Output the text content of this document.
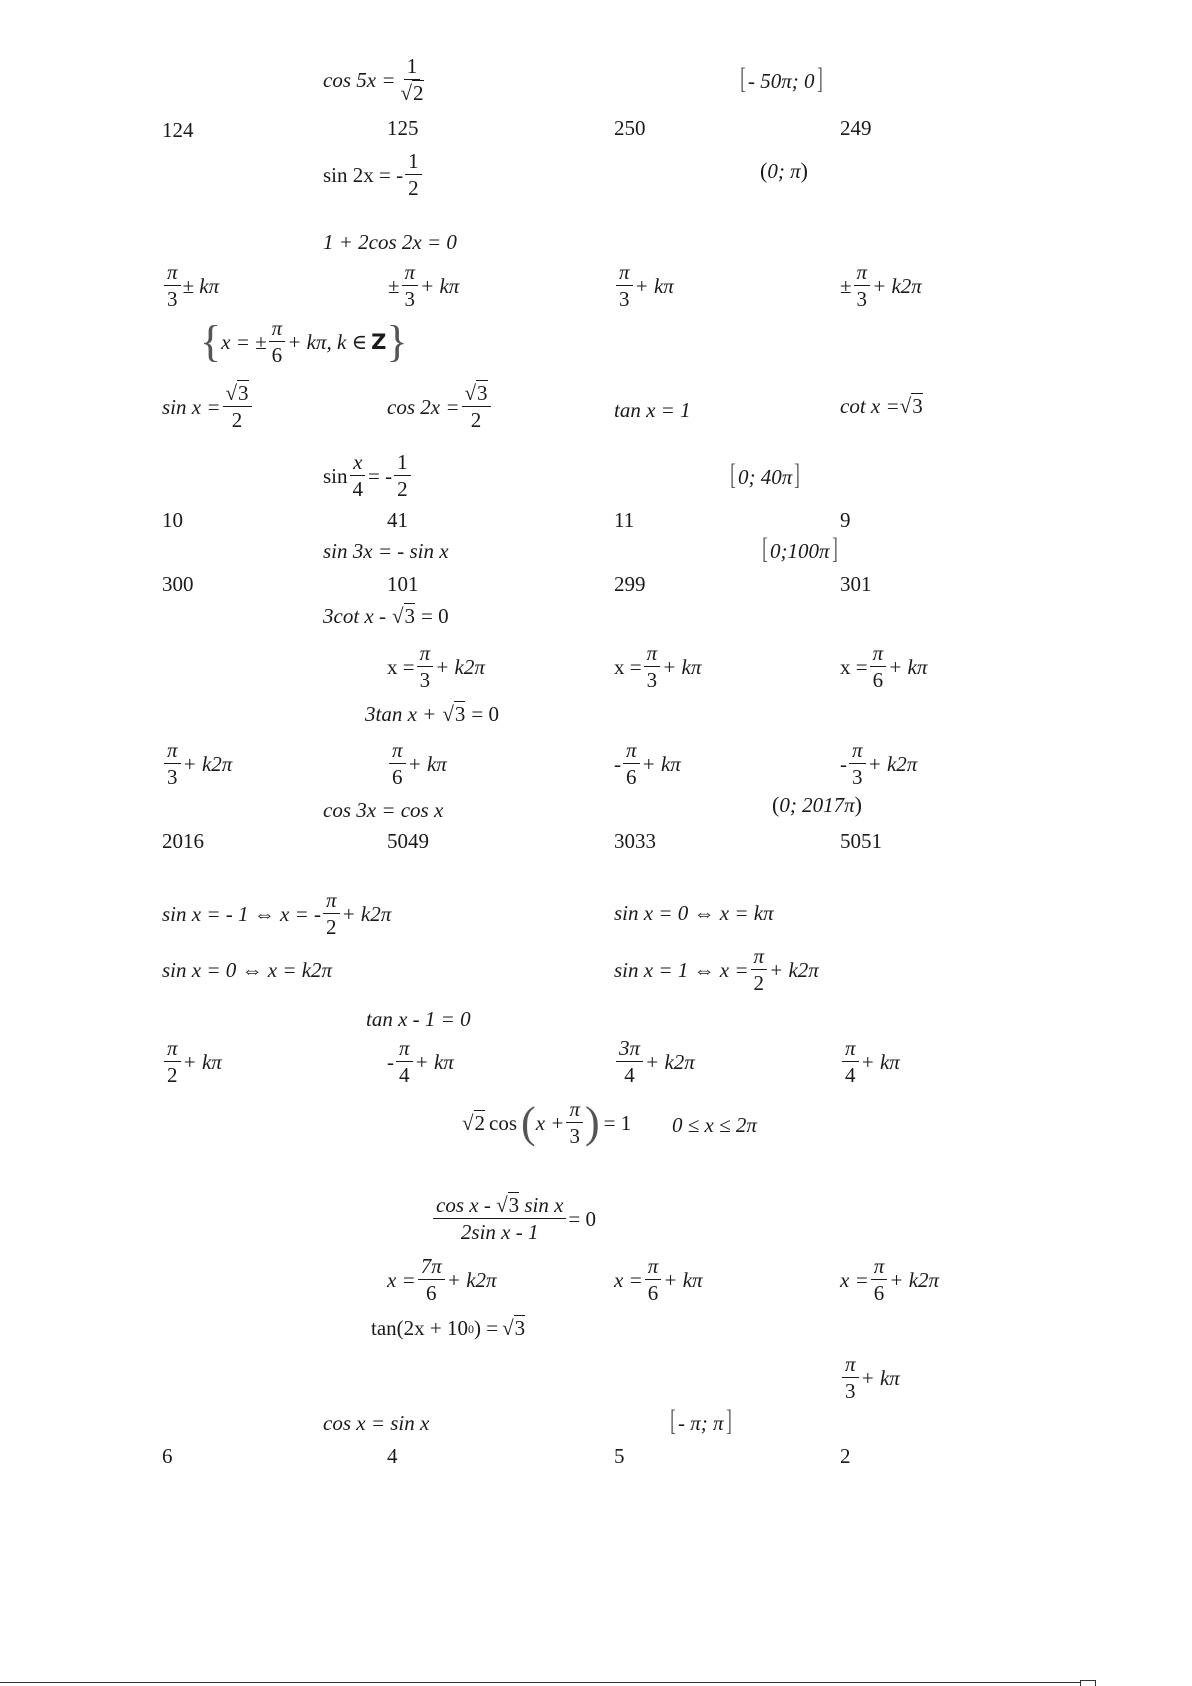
$\cos 5x = \frac{1}{√2}$	[ - 50π; 0]
124	125	250	249
sin 2x = - $\frac{1}{2}$	(0; π)
1 + 2cos 2x = 0
$\frac{\pi}{3} \pm k\pi$	± $\frac{\pi}{3} + k\pi$	$\frac{\pi}{3} + k\pi$	± $\frac{\pi}{3} + k2\pi$
{ x = ± $\frac{\pi}{6} + k\pi$, k ∈ Z }
$\sin x = \frac{√3}{2}$	$\cos 2x = \frac{√3}{2}$	tan x = 1	cot x = √3
$\sin \frac{x}{4}$ = - $\frac{1}{2}$	[ 0; 40π]
10	41	11	9
sin 3x = - sin x	[ 0;100π]
300	101	299	301
3cot x - √3 = 0
$x = \frac{\pi}{3} + k2\pi$	$x = \frac{\pi}{3} + k\pi$	$x = \frac{\pi}{6} + k\pi$
3tan x + √3 = 0
$\frac{\pi}{3} + k2\pi$	$\frac{\pi}{6} + k\pi$	- $\frac{\pi}{6} + k\pi$	- $\frac{\pi}{3} + k2\pi$
cos 3x = cos x	(0; 2017π)
2016	5049	3033	5051
sin x = - 1 ⇔ x = - $\frac{\pi}{2} + k2\pi$	sin x = 0 ⇔ x = kπ
sin x = 0 ⇔ x = k2π	sin x = 1 ⇔ $x = \frac{\pi}{2} + k2\pi$
tan x - 1 = 0
$\frac{\pi}{2} + k\pi$	- $\frac{\pi}{4} + k\pi$	$\frac{3\pi}{4} + k2\pi$	$\frac{\pi}{4} + k\pi$
√2 cos ( $x + \frac{\pi}{3}$ ) = 1 0 ≤ x ≤ 2π
$\frac{\text{cos x - √3 sin x}}{\text{2sin x - 1}} = 0$
$x = \frac{7\pi}{6} + k2\pi$	$x = \frac{\pi}{6} + k\pi$	$x = \frac{\pi}{6} + k2\pi$
tan(2x + 10 0 ) = √3
$\frac{\pi}{3} + k\pi$
cos x = sin x	[ - π; π]
6	4	5	2
